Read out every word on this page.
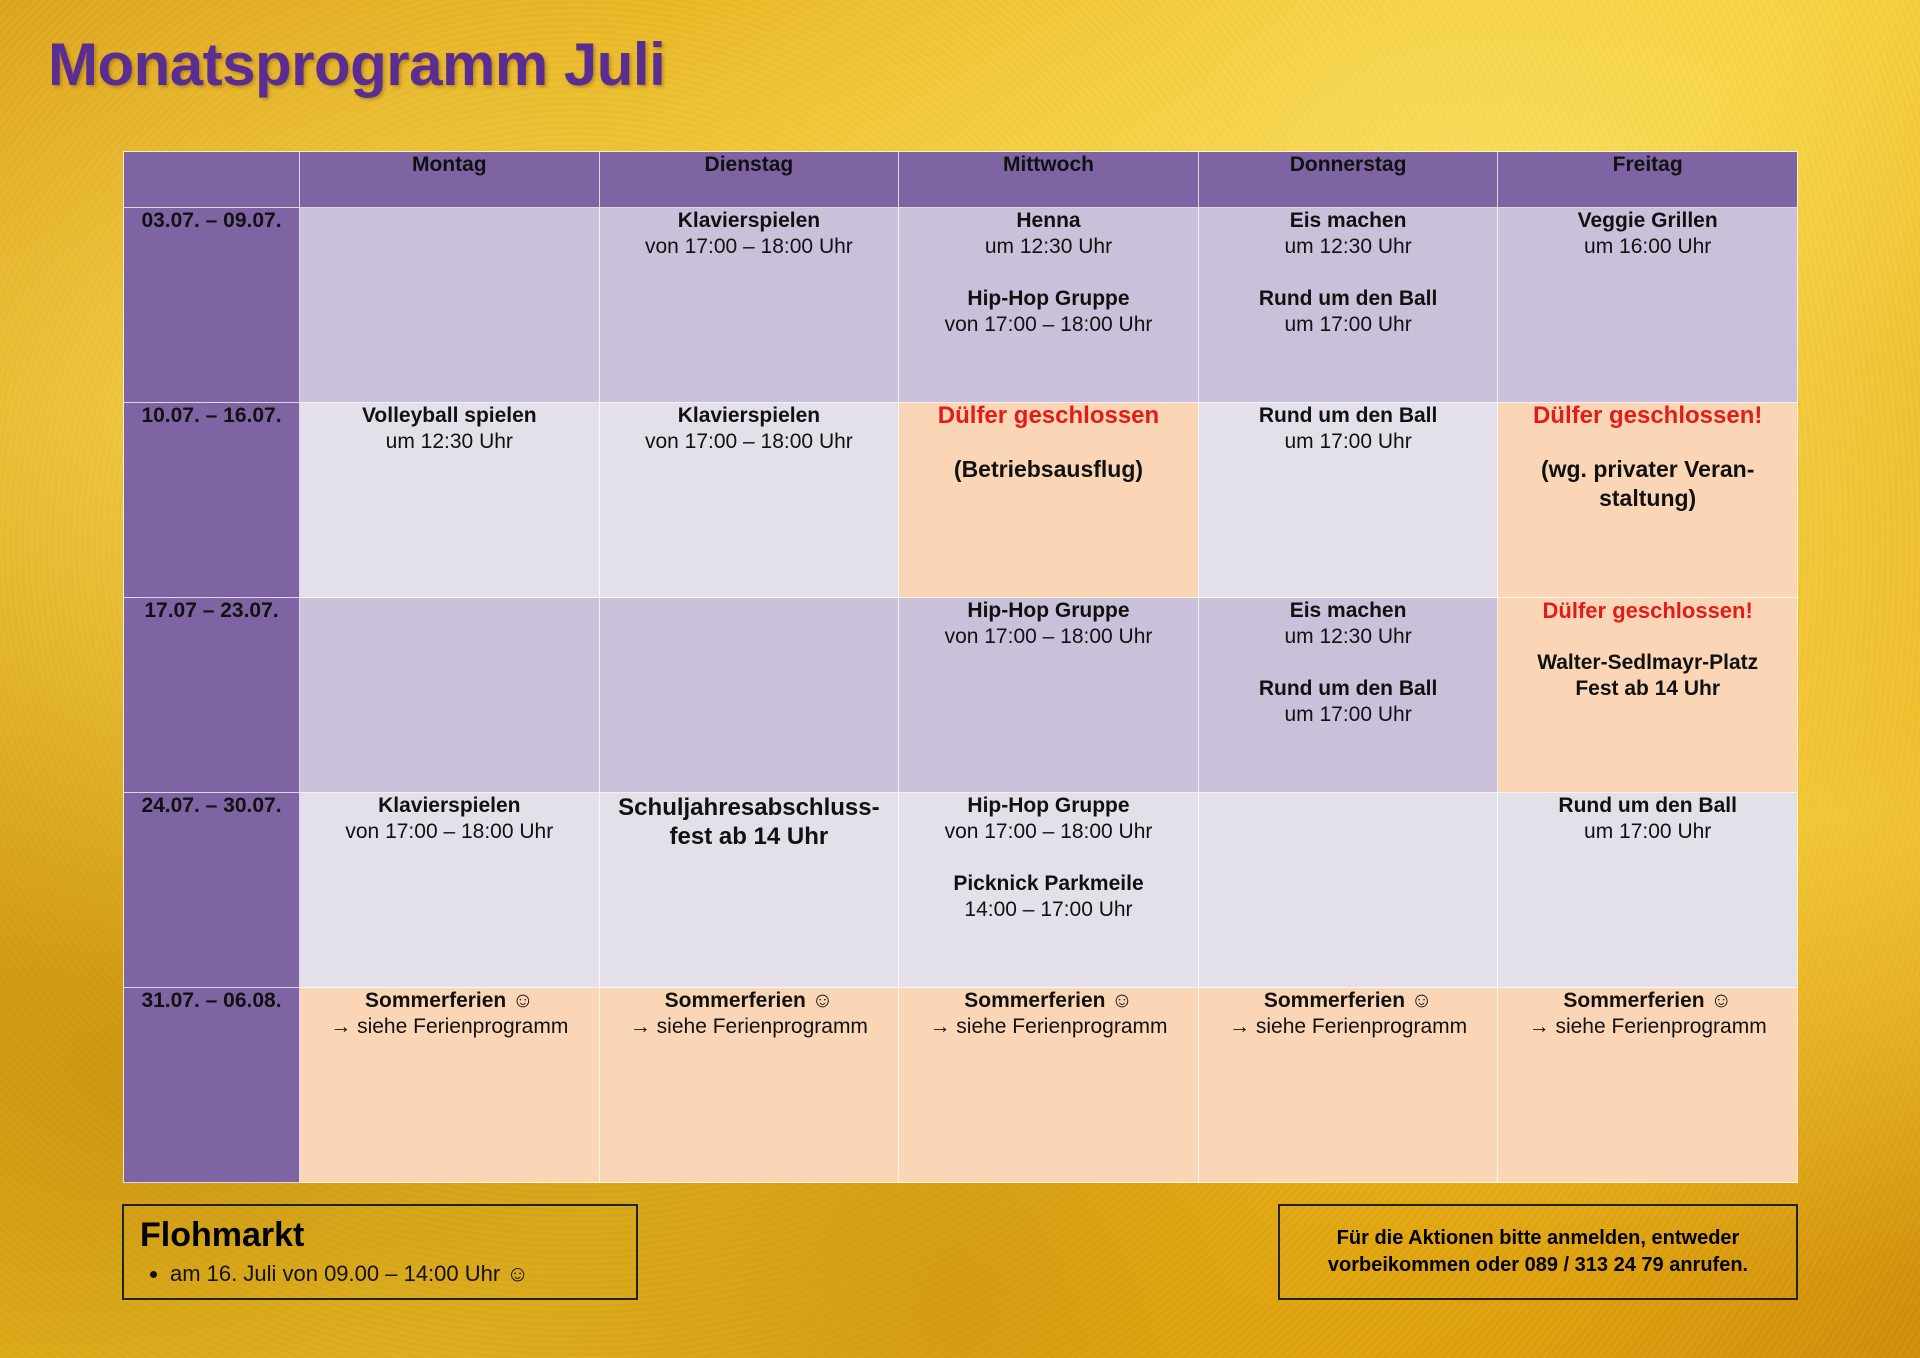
Monatsprogramm Juli
	Montag	Dienstag	Mittwoch	Donnerstag	Freitag
03.07. – 09.07.		Klavierspielen
von 17:00 – 18:00 Uhr	Henna
um 12:30 Uhr
Hip-Hop Gruppe
von 17:00 – 18:00 Uhr	Eis machen
um 12:30 Uhr
Rund um den Ball
um 17:00 Uhr	Veggie Grillen
um 16:00 Uhr

10.07. – 16.07.	Volleyball spielen
um 12:30 Uhr	Klavierspielen
von 17:00 – 18:00 Uhr	Dülfer geschlossen
(Betriebsausflug)	Rund um den Ball
um 17:00 Uhr	Dülfer geschlossen!
(wg. privater Veran-staltung)

17.07 – 23.07.			Hip-Hop Gruppe
von 17:00 – 18:00 Uhr	Eis machen
um 12:30 Uhr
Rund um den Ball
um 17:00 Uhr	Dülfer geschlossen!
Walter-Sedlmayr-Platz
Fest ab 14 Uhr

24.07. – 30.07.	Klavierspielen
von 17:00 – 18:00 Uhr	Schuljahresabschluss-
fest ab 14 Uhr	Hip-Hop Gruppe
von 17:00 – 18:00 Uhr
Picknick Parkmeile
14:00 – 17:00 Uhr		Rund um den Ball
um 17:00 Uhr

31.07. – 06.08.	Sommerferien ☺
→ siehe Ferienprogramm	Sommerferien ☺
→ siehe Ferienprogramm	Sommerferien ☺
→ siehe Ferienprogramm	Sommerferien ☺
→ siehe Ferienprogramm	Sommerferien ☺
→ siehe Ferienprogramm
Flohmarkt
• am 16. Juli von 09.00 – 14:00 Uhr ☺
Für die Aktionen bitte anmelden, entweder
vorbeikommen oder 089 / 313 24 79 anrufen.
